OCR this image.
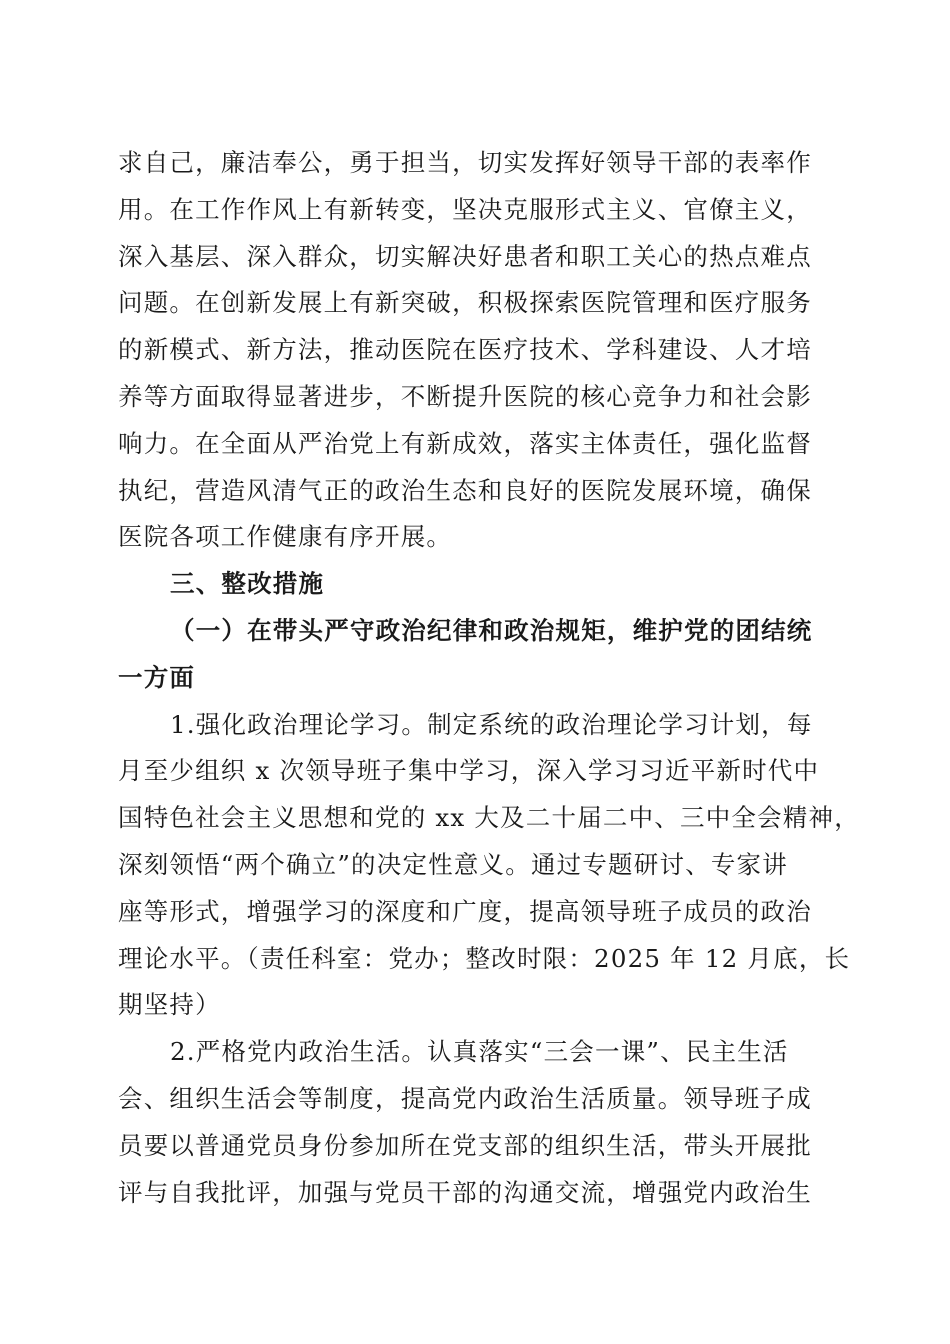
求自己，廉洁奉公，勇于担当，切实发挥好领导干部的表率作
用。在工作作风上有新转变，坚决克服形式主义、官僚主义，
深入基层、深入群众，切实解决好患者和职工关心的热点难点
问题。在创新发展上有新突破，积极探索医院管理和医疗服务
的新模式、新方法，推动医院在医疗技术、学科建设、人才培
养等方面取得显著进步，不断提升医院的核心竞争力和社会影
响力。在全面从严治党上有新成效，落实主体责任，强化监督
执纪，营造风清气正的政治生态和良好的医院发展环境，确保
医院各项工作健康有序开展。
三、整改措施
（一）在带头严守政治纪律和政治规矩，维护党的团结统
一方面
1.强化政治理论学习。制定系统的政治理论学习计划，每
月至少组织 x 次领导班子集中学习，深入学习习近平新时代中
国特色社会主义思想和党的 xx 大及二十届二中、三中全会精神，
深刻领悟“两个确立”的决定性意义。通过专题研讨、专家讲
座等形式，增强学习的深度和广度，提高领导班子成员的政治
理论水平。（责任科室：党办；整改时限：2025 年 12 月底，长
期坚持）
2.严格党内政治生活。认真落实“三会一课”、民主生活
会、组织生活会等制度，提高党内政治生活质量。领导班子成
员要以普通党员身份参加所在党支部的组织生活，带头开展批
评与自我批评，加强与党员干部的沟通交流，增强党内政治生
